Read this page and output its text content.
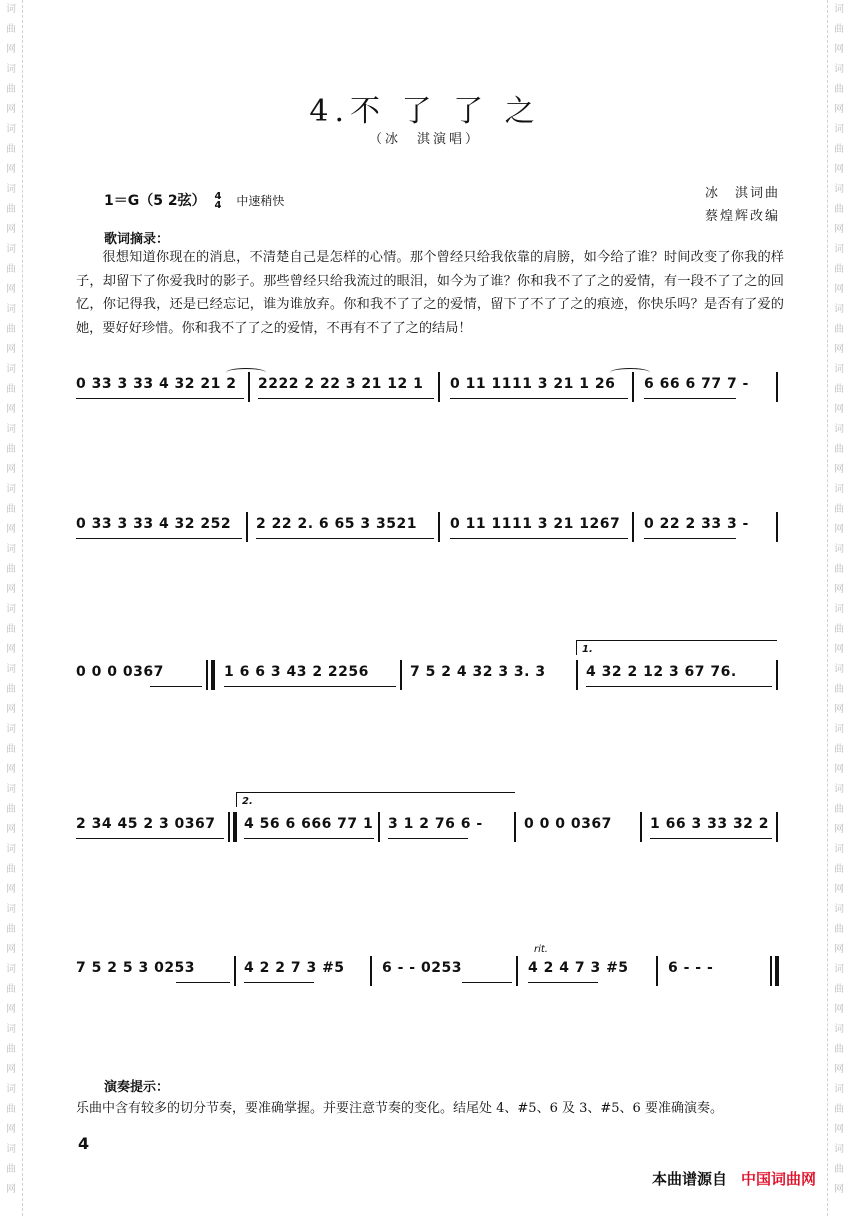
词
曲
网
词
曲
网
词
曲
网
词
曲
网
词
曲
网
词
曲
网
词
曲
网
词
曲
网
词
曲
网
词
曲
网
词
曲
网
词
曲
网
词
曲
网
词
曲
网
词
曲
网
词
曲
网
词
曲
网
词
曲
网
词
曲
网
词
曲
网
词
曲
网
词
曲
网
词
曲
网
词
曲
网
词
曲
网
词
曲
网
词
曲
网
词
曲
网
词
曲
网
词
曲
网
词
曲
网
词
曲
网
词
曲
网
词
曲
网
词
曲
网
词
曲
网
词
曲
网
词
曲
网
词
曲
网
词
曲
网
4.不 了 了 之
（冰　淇演唱）
1＝G（5 2弦） 4
4 中速稍快	冰　淇词曲
蔡煌辉改编
歌词摘录：
很想知道你现在的消息，不清楚自己是怎样的心情。那个曾经只给我依靠的肩膀，如今给了谁？时间改变了你我的样子，却留下了你爱我时的影子。那些曾经只给我流过的眼泪，如今为了谁？你和我不了了之的爱情，有一段不了了之的回忆，你记得我，还是已经忘记，谁为谁放弃。你和我不了了之的爱情，留下了不了了之的痕迹，你快乐吗？是否有了爱的她，要好好珍惜。你和我不了了之的爱情，不再有不了了之的结局！
0 33 3 33 4 32 21 2 2222 2 22 3 21 12 1 0 11 1111 3 21 1 26 6 66 6 77 7 -
0 33 3 33 4 32 252 2 22 2. 6 65 3 3521 0 11 1111 3 21 1267 0 22 2 33 3 -
0 0 0 0367	1 6 6 3 43 2 2256	7 5 2 4 32 3 3. 3	4 32 2 12 3 67 76.
1.
2 34 45 2 3 0367 4 56 6 666 77 1 3 1 2 76 6 -	0 0 0 0367	1 66 3 33 32 2
2.
7 5 2 5 3 0253	4 2 2 7 3 #5	6 - - 0253	4 2 4 7 3 #5	6 - - -
rit.
演奏提示：
乐曲中含有较多的切分节奏，要准确掌握。并要注意节奏的变化。结尾处 4、#5、6 及 3、#5、6 要准确演奏。
4
本曲谱源自 中国词曲网
